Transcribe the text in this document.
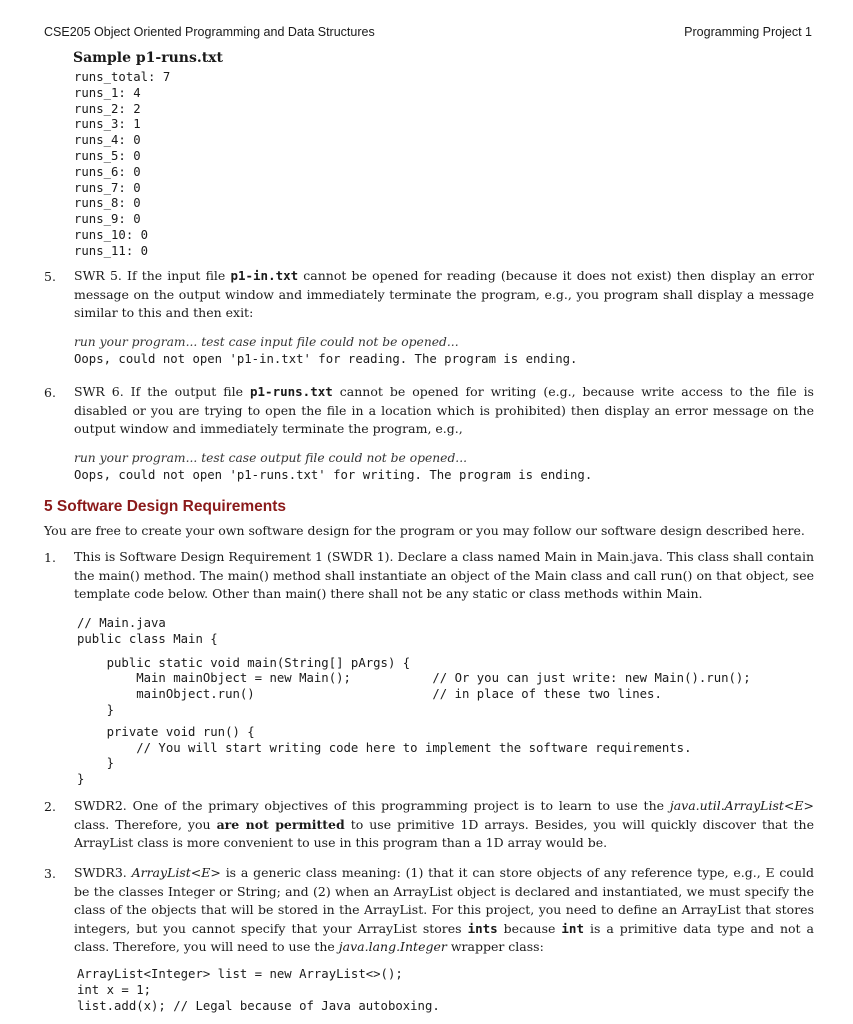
CSE205 Object Oriented Programming and Data Structures	Programming Project 1
Sample p1-runs.txt
runs_total: 7
runs_1: 4
runs_2: 2
runs_3: 1
runs_4: 0
runs_5: 0
runs_6: 0
runs_7: 0
runs_8: 0
runs_9: 0
runs_10: 0
runs_11: 0
5. SWR 5. If the input file p1-in.txt cannot be opened for reading (because it does not exist) then display an error message on the output window and immediately terminate the program, e.g., you program shall display a message similar to this and then exit:
run your program... test case input file could not be opened...
Oops, could not open 'p1-in.txt' for reading. The program is ending.
6. SWR 6. If the output file p1-runs.txt cannot be opened for writing (e.g., because write access to the file is disabled or you are trying to open the file in a location which is prohibited) then display an error message on the output window and immediately terminate the program, e.g.,
run your program... test case output file could not be opened...
Oops, could not open 'p1-runs.txt' for writing. The program is ending.
5 Software Design Requirements
You are free to create your own software design for the program or you may follow our software design described here.
1. This is Software Design Requirement 1 (SWDR 1). Declare a class named Main in Main.java. This class shall contain the main() method. The main() method shall instantiate an object of the Main class and call run() on that object, see template code below. Other than main() there shall not be any static or class methods within Main.
// Main.java
public class Main {
public static void main(String[] pArgs) {
Main mainObject = new Main();           // Or you can just write: new Main().run();
mainObject.run()                        // in place of these two lines.
}
private void run() {
// You will start writing code here to implement the software requirements.
}
}
2. SWDR2. One of the primary objectives of this programming project is to learn to use the java.util.ArrayList<E> class. Therefore, you are not permitted to use primitive 1D arrays. Besides, you will quickly discover that the ArrayList class is more convenient to use in this program than a 1D array would be.
3. SWDR3. ArrayList<E> is a generic class meaning: (1) that it can store objects of any reference type, e.g., E could be the classes Integer or String; and (2) when an ArrayList object is declared and instantiated, we must specify the class of the objects that will be stored in the ArrayList. For this project, you need to define an ArrayList that stores integers, but you cannot specify that your ArrayList stores ints because int is a primitive data type and not a class. Therefore, you will need to use the java.lang.Integer wrapper class:
ArrayList<Integer> list = new ArrayList<>();
int x = 1;
list.add(x); // Legal because of Java autoboxing.
